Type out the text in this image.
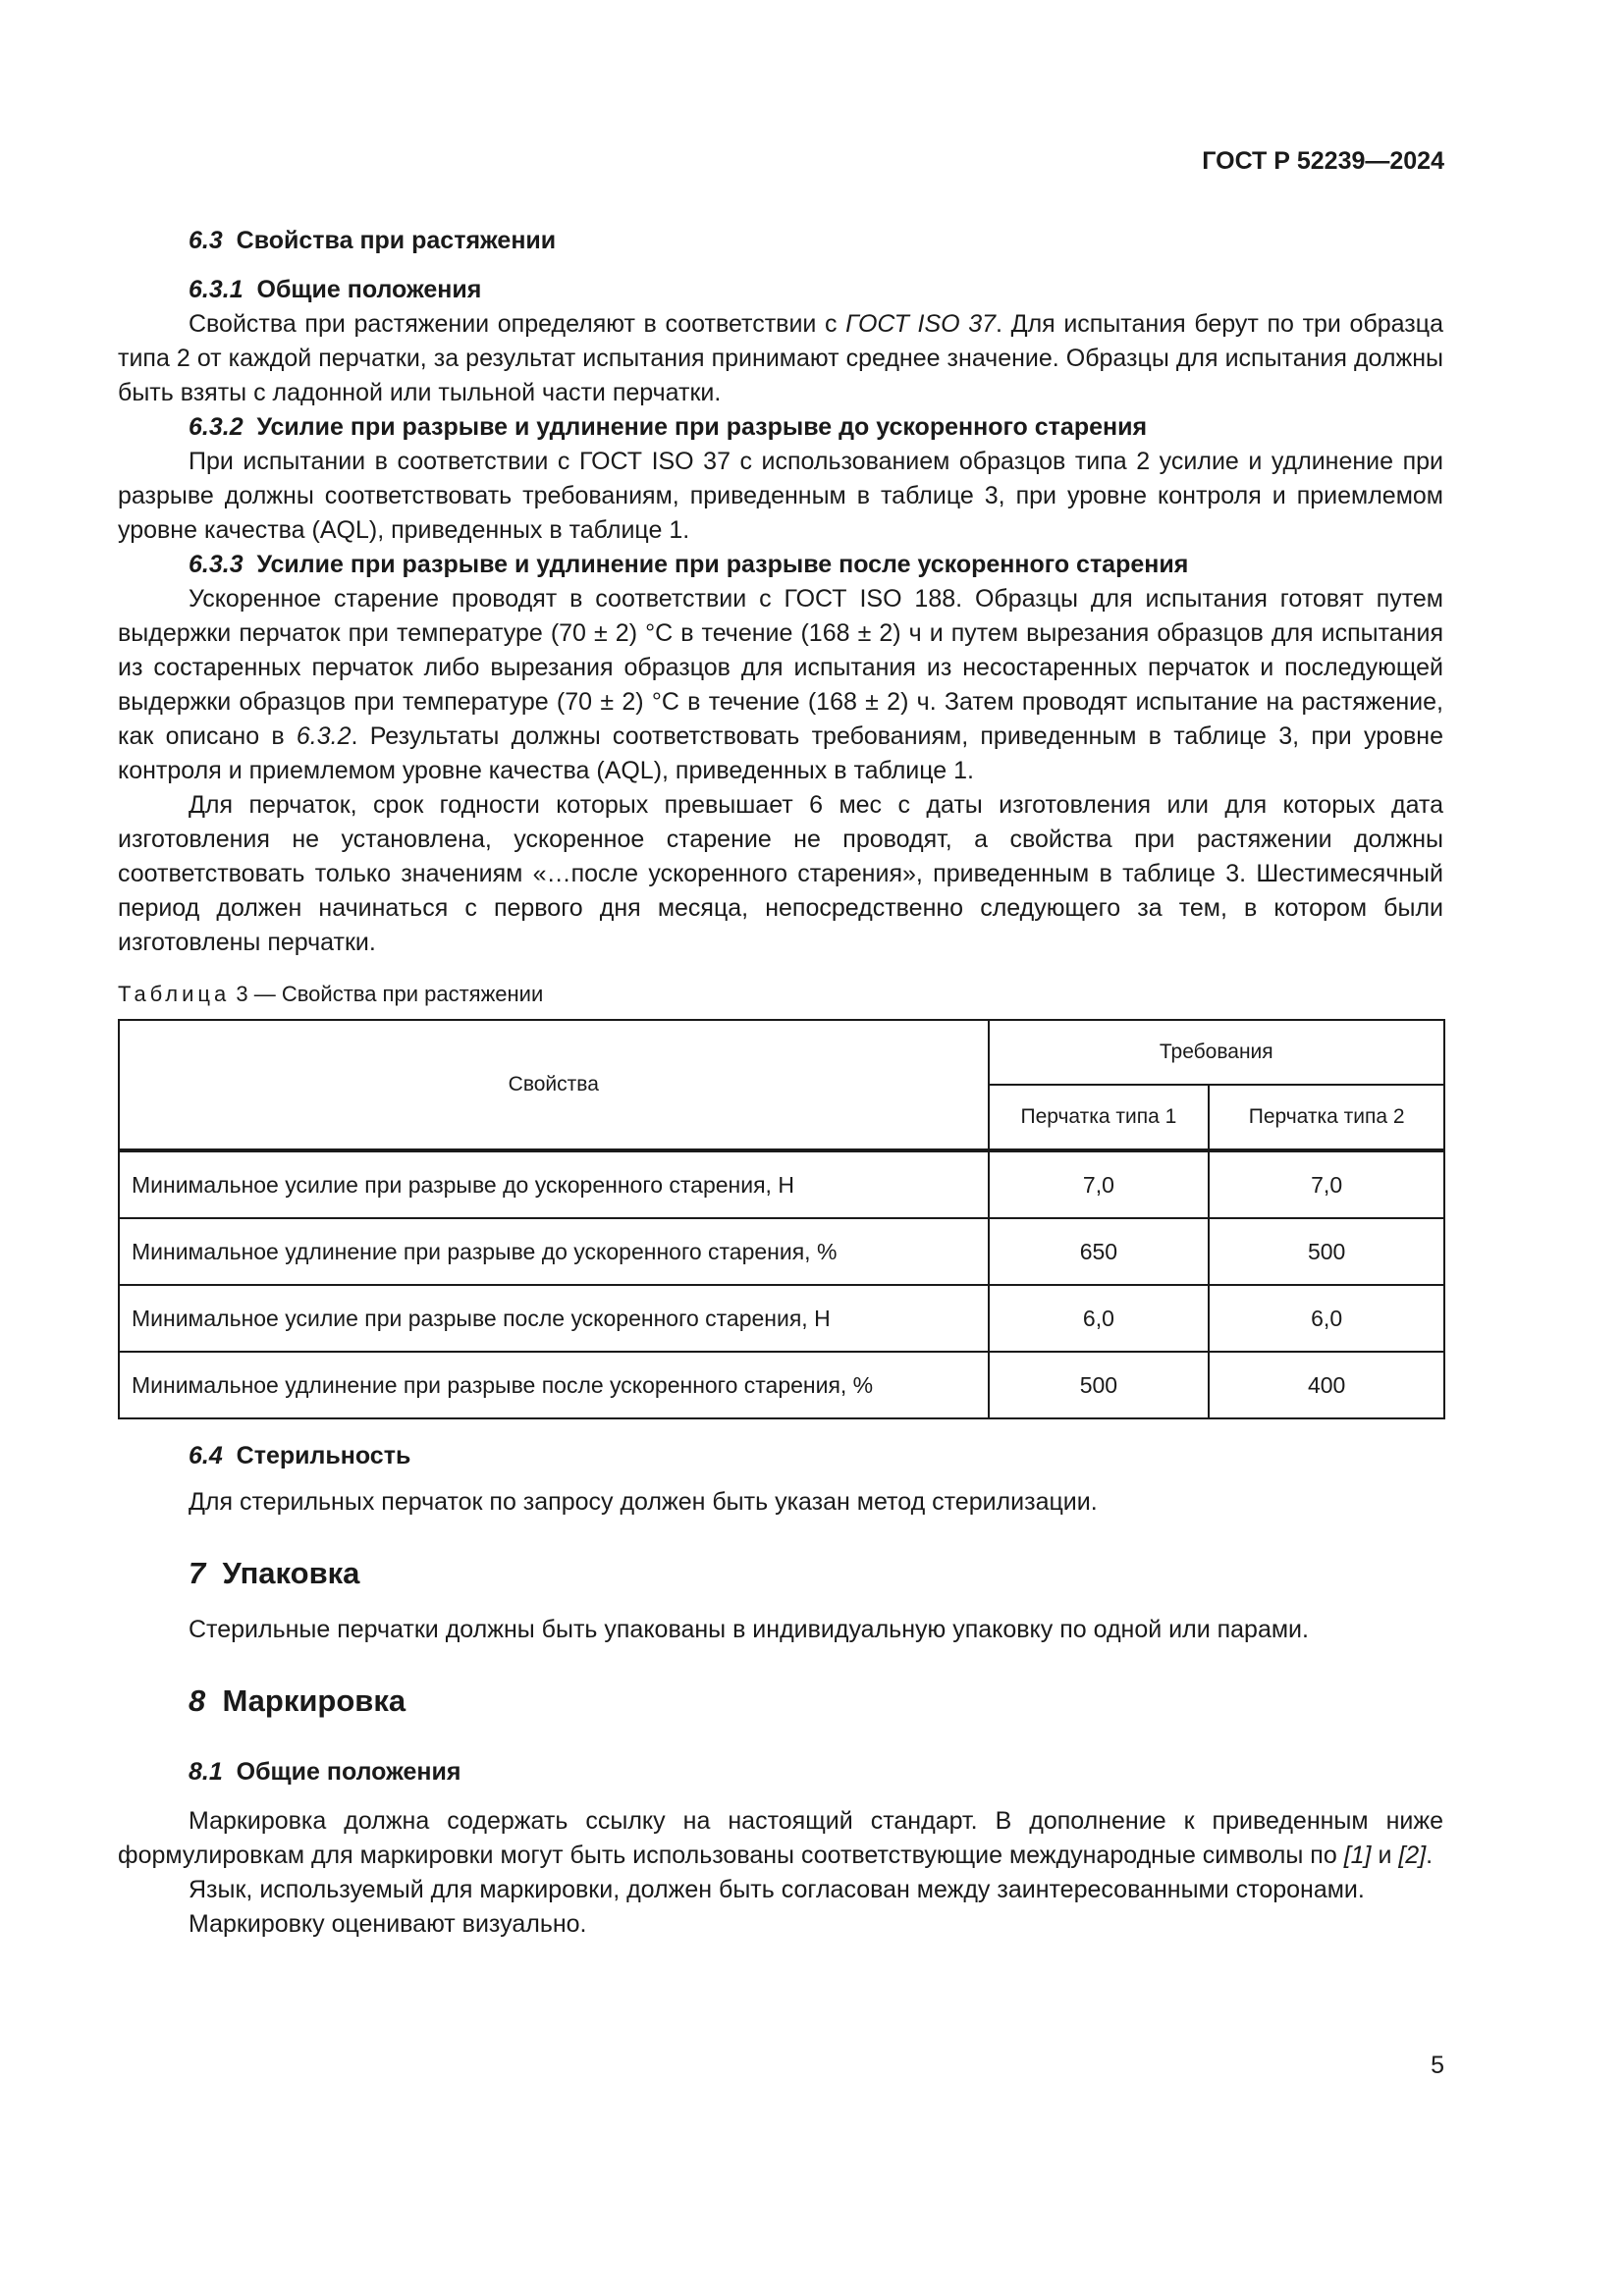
ГОСТ Р 52239—2024

6.3 Свойства при растяжении

6.3.1 Общие положения

Свойства при растяжении определяют в соответствии с ГОСТ ISO 37. Для испытания берут по три образца типа 2 от каждой перчатки, за результат испытания принимают среднее значение. Образцы для испытания должны быть взяты с ладонной или тыльной части перчатки.

6.3.2 Усилие при разрыве и удлинение при разрыве до ускоренного старения

При испытании в соответствии с ГОСТ ISO 37 с использованием образцов типа 2 усилие и удлинение при разрыве должны соответствовать требованиям, приведенным в таблице 3, при уровне контроля и приемлемом уровне качества (AQL), приведенных в таблице 1.

6.3.3 Усилие при разрыве и удлинение при разрыве после ускоренного старения

Ускоренное старение проводят в соответствии с ГОСТ ISO 188. Образцы для испытания готовят путем выдержки перчаток при температуре (70 ± 2) °С в течение (168 ± 2) ч и путем вырезания образцов для испытания из состаренных перчаток либо вырезания образцов для испытания из несостаренных перчаток и последующей выдержки образцов при температуре (70 ± 2) °С в течение (168 ± 2) ч. Затем проводят испытание на растяжение, как описано в 6.3.2. Результаты должны соответствовать требованиям, приведенным в таблице 3, при уровне контроля и приемлемом уровне качества (AQL), приведенных в таблице 1.

Для перчаток, срок годности которых превышает 6 мес с даты изготовления или для которых дата изготовления не установлена, ускоренное старение не проводят, а свойства при растяжении должны соответствовать только значениям «…после ускоренного старения», приведенным в таблице 3. Шестимесячный период должен начинаться с первого дня месяца, непосредственно следующего за тем, в котором были изготовлены перчатки.

Таблица 3 — Свойства при растяжении

Свойства	Требования	
	Перчатка типа 1	Перчатка типа 2
Минимальное усилие при разрыве до ускоренного старения, Н	7,0	7,0
Минимальное удлинение при разрыве до ускоренного старения, %	650	500
Минимальное усилие при разрыве после ускоренного старения, Н	6,0	6,0
Минимальное удлинение при разрыве после ускоренного старения, %	500	400

6.4 Стерильность

Для стерильных перчаток по запросу должен быть указан метод стерилизации.

7 Упаковка

Стерильные перчатки должны быть упакованы в индивидуальную упаковку по одной или парами.

8 Маркировка

8.1 Общие положения

Маркировка должна содержать ссылку на настоящий стандарт. В дополнение к приведенным ниже формулировкам для маркировки могут быть использованы соответствующие международные символы по [1] и [2].

Язык, используемый для маркировки, должен быть согласован между заинтересованными сторонами.

Маркировку оценивают визуально.

5
